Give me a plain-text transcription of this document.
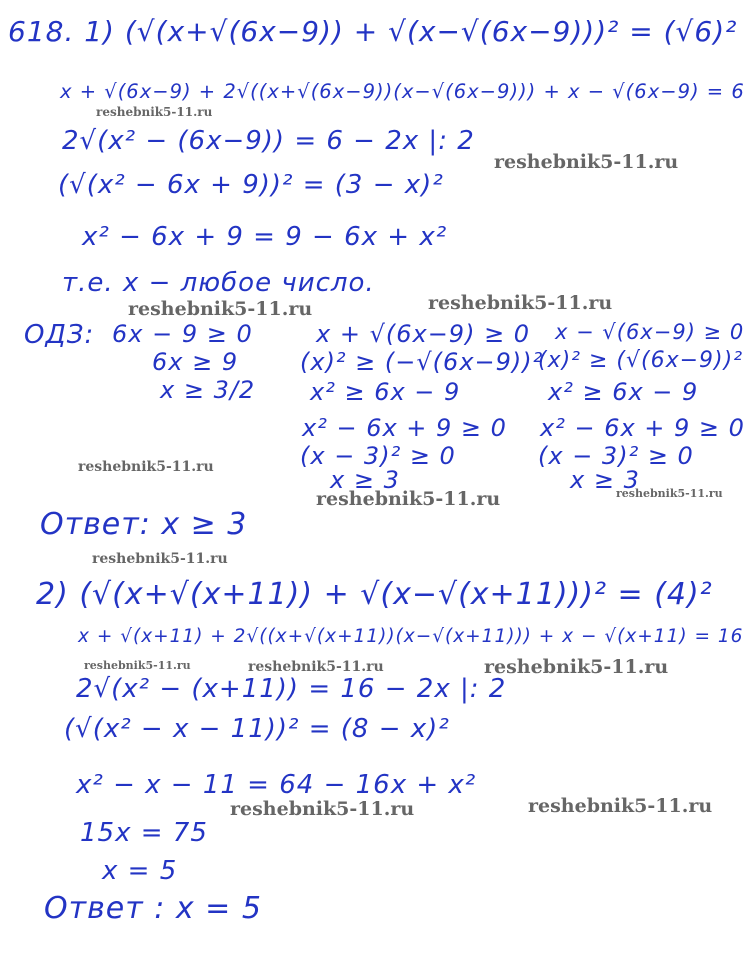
618. 1) (√(x+√(6x−9)) + √(x−√(6x−9)))² = (√6)²
x + √(6x−9) + 2√((x+√(6x−9))(x−√(6x−9))) + x − √(6x−9) = 6
2√(x² − (6x−9)) = 6 − 2x |: 2
(√(x² − 6x + 9))² = (3 − x)²
x² − 6x + 9 = 9 − 6x + x²
т.е. x − любое число.
ОДЗ: 6x − 9 ≥ 0
6x ≥ 9
x ≥ 3/2
x + √(6x−9) ≥ 0
(x)² ≥ (−√(6x−9))²
x² ≥ 6x − 9
x² − 6x + 9 ≥ 0
(x − 3)² ≥ 0
x ≥ 3
x − √(6x−9) ≥ 0
(x)² ≥ (√(6x−9))²
x² ≥ 6x − 9
x² − 6x + 9 ≥ 0
(x − 3)² ≥ 0
x ≥ 3
Ответ: x ≥ 3
2) (√(x+√(x+11)) + √(x−√(x+11)))² = (4)²
x + √(x+11) + 2√((x+√(x+11))(x−√(x+11))) + x − √(x+11) = 16
2√(x² − (x+11)) = 16 − 2x |: 2
(√(x² − x − 11))² = (8 − x)²
x² − x − 11 = 64 − 16x + x²
15x = 75
x = 5
Ответ : x = 5
reshebnik5-11.ru
reshebnik5-11.ru
reshebnik5-11.ru	reshebnik5-11.ru
reshebnik5-11.ru
reshebnik5-11.ru	reshebnik5-11.ru
reshebnik5-11.ru
reshebnik5-11.ru	reshebnik5-11.ru	reshebnik5-11.ru
reshebnik5-11.ru	reshebnik5-11.ru
